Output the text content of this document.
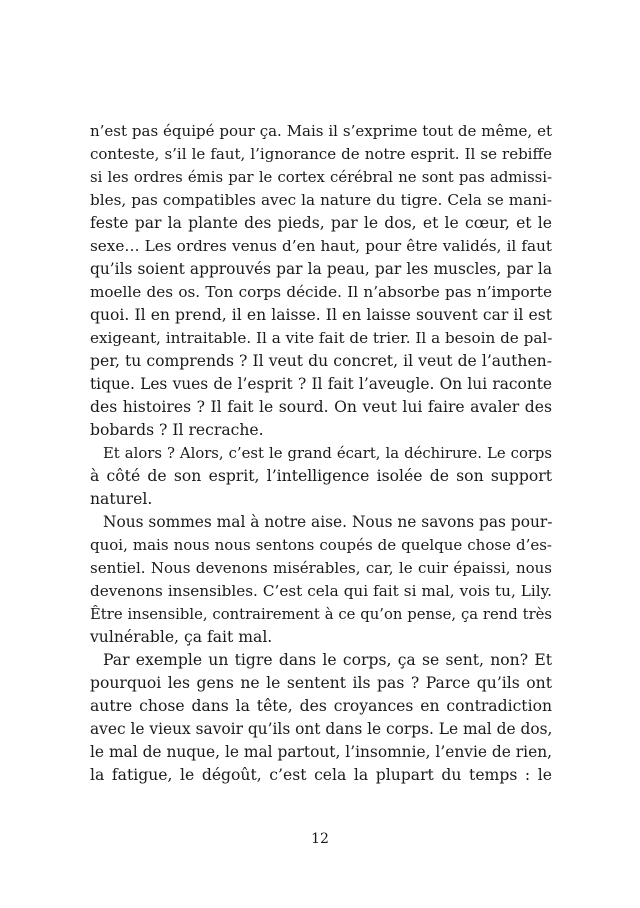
n’est pas équipé pour ça. Mais il s’exprime tout de même, et
conteste, s’il le faut, l’ignorance de notre esprit. Il se rebiffe
si les ordres émis par le cortex cérébral ne sont pas admissi-
bles, pas compatibles avec la nature du tigre. Cela se mani-
feste par la plante des pieds, par le dos, et le cœur, et le
sexe… Les ordres venus d’en haut, pour être validés, il faut
qu’ils soient approuvés par la peau, par les muscles, par la
moelle des os. Ton corps décide. Il n’absorbe pas n’importe
quoi. Il en prend, il en laisse. Il en laisse souvent car il est
exigeant, intraitable. Il a vite fait de trier. Il a besoin de pal-
per, tu comprends ? Il veut du concret, il veut de l’authen-
tique. Les vues de l’esprit ? Il fait l’aveugle. On lui raconte
des histoires ? Il fait le sourd. On veut lui faire avaler des
bobards ? Il recrache.
Et alors ? Alors, c’est le grand écart, la déchirure. Le corps
à côté de son esprit, l’intelligence isolée de son support
naturel.
Nous sommes mal à notre aise. Nous ne savons pas pour-
quoi, mais nous nous sentons coupés de quelque chose d’es-
sentiel. Nous devenons misérables, car, le cuir épaissi, nous
devenons insensibles. C’est cela qui fait si mal, vois tu, Lily.
Être insensible, contrairement à ce qu’on pense, ça rend très
vulnérable, ça fait mal.
Par exemple un tigre dans le corps, ça se sent, non? Et
pourquoi les gens ne le sentent ils pas ? Parce qu’ils ont
autre chose dans la tête, des croyances en contradiction
avec le vieux savoir qu’ils ont dans le corps. Le mal de dos,
le mal de nuque, le mal partout, l’insomnie, l’envie de rien,
la fatigue, le dégoût, c’est cela la plupart du temps : le
12
